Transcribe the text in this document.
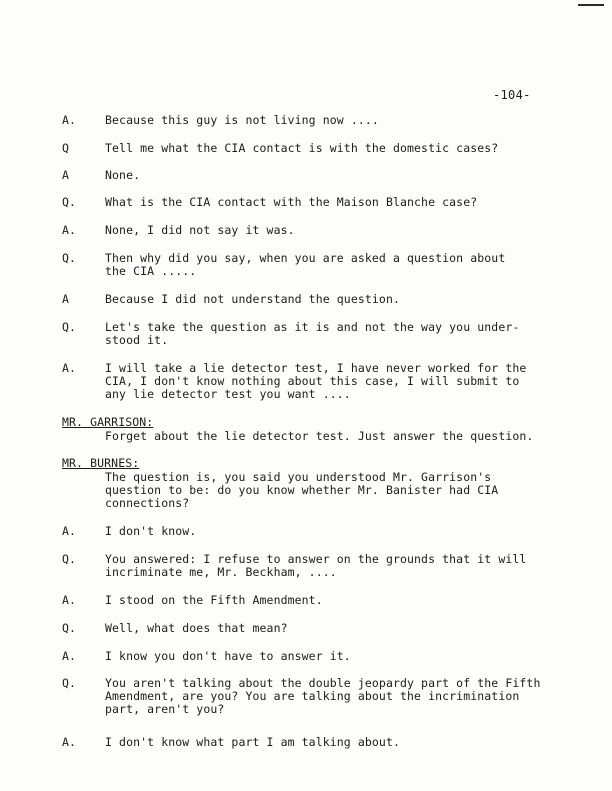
-104-
A.	Because this guy is not living now ....
Q	Tell me what the CIA contact is with the domestic cases?
A	None.
Q.	What is the CIA contact with the Maison Blanche case?
A.	None, I did not say it was.
Q.	Then why did you say, when you are asked a question about
the CIA .....
A	Because I did not understand the question.
Q.	Let's take the question as it is and not the way you under-
stood it.
A.	I will take a lie detector test, I have never worked for the
CIA, I don't know nothing about this case, I will submit to
any lie detector test you want ....
MR. GARRISON:
Forget about the lie detector test. Just answer the question.
MR. BURNES:
The question is, you said you understood Mr. Garrison's
question to be: do you know whether Mr. Banister had CIA
connections?
A.	I don't know.
Q.	You answered: I refuse to answer on the grounds that it will
incriminate me, Mr. Beckham, ....
A.	I stood on the Fifth Amendment.
Q.	Well, what does that mean?
A.	I know you don't have to answer it.
Q.	You aren't talking about the double jeopardy part of the Fifth
Amendment, are you? You are talking about the incrimination
part, aren't you?
A.	I don't know what part I am talking about.
